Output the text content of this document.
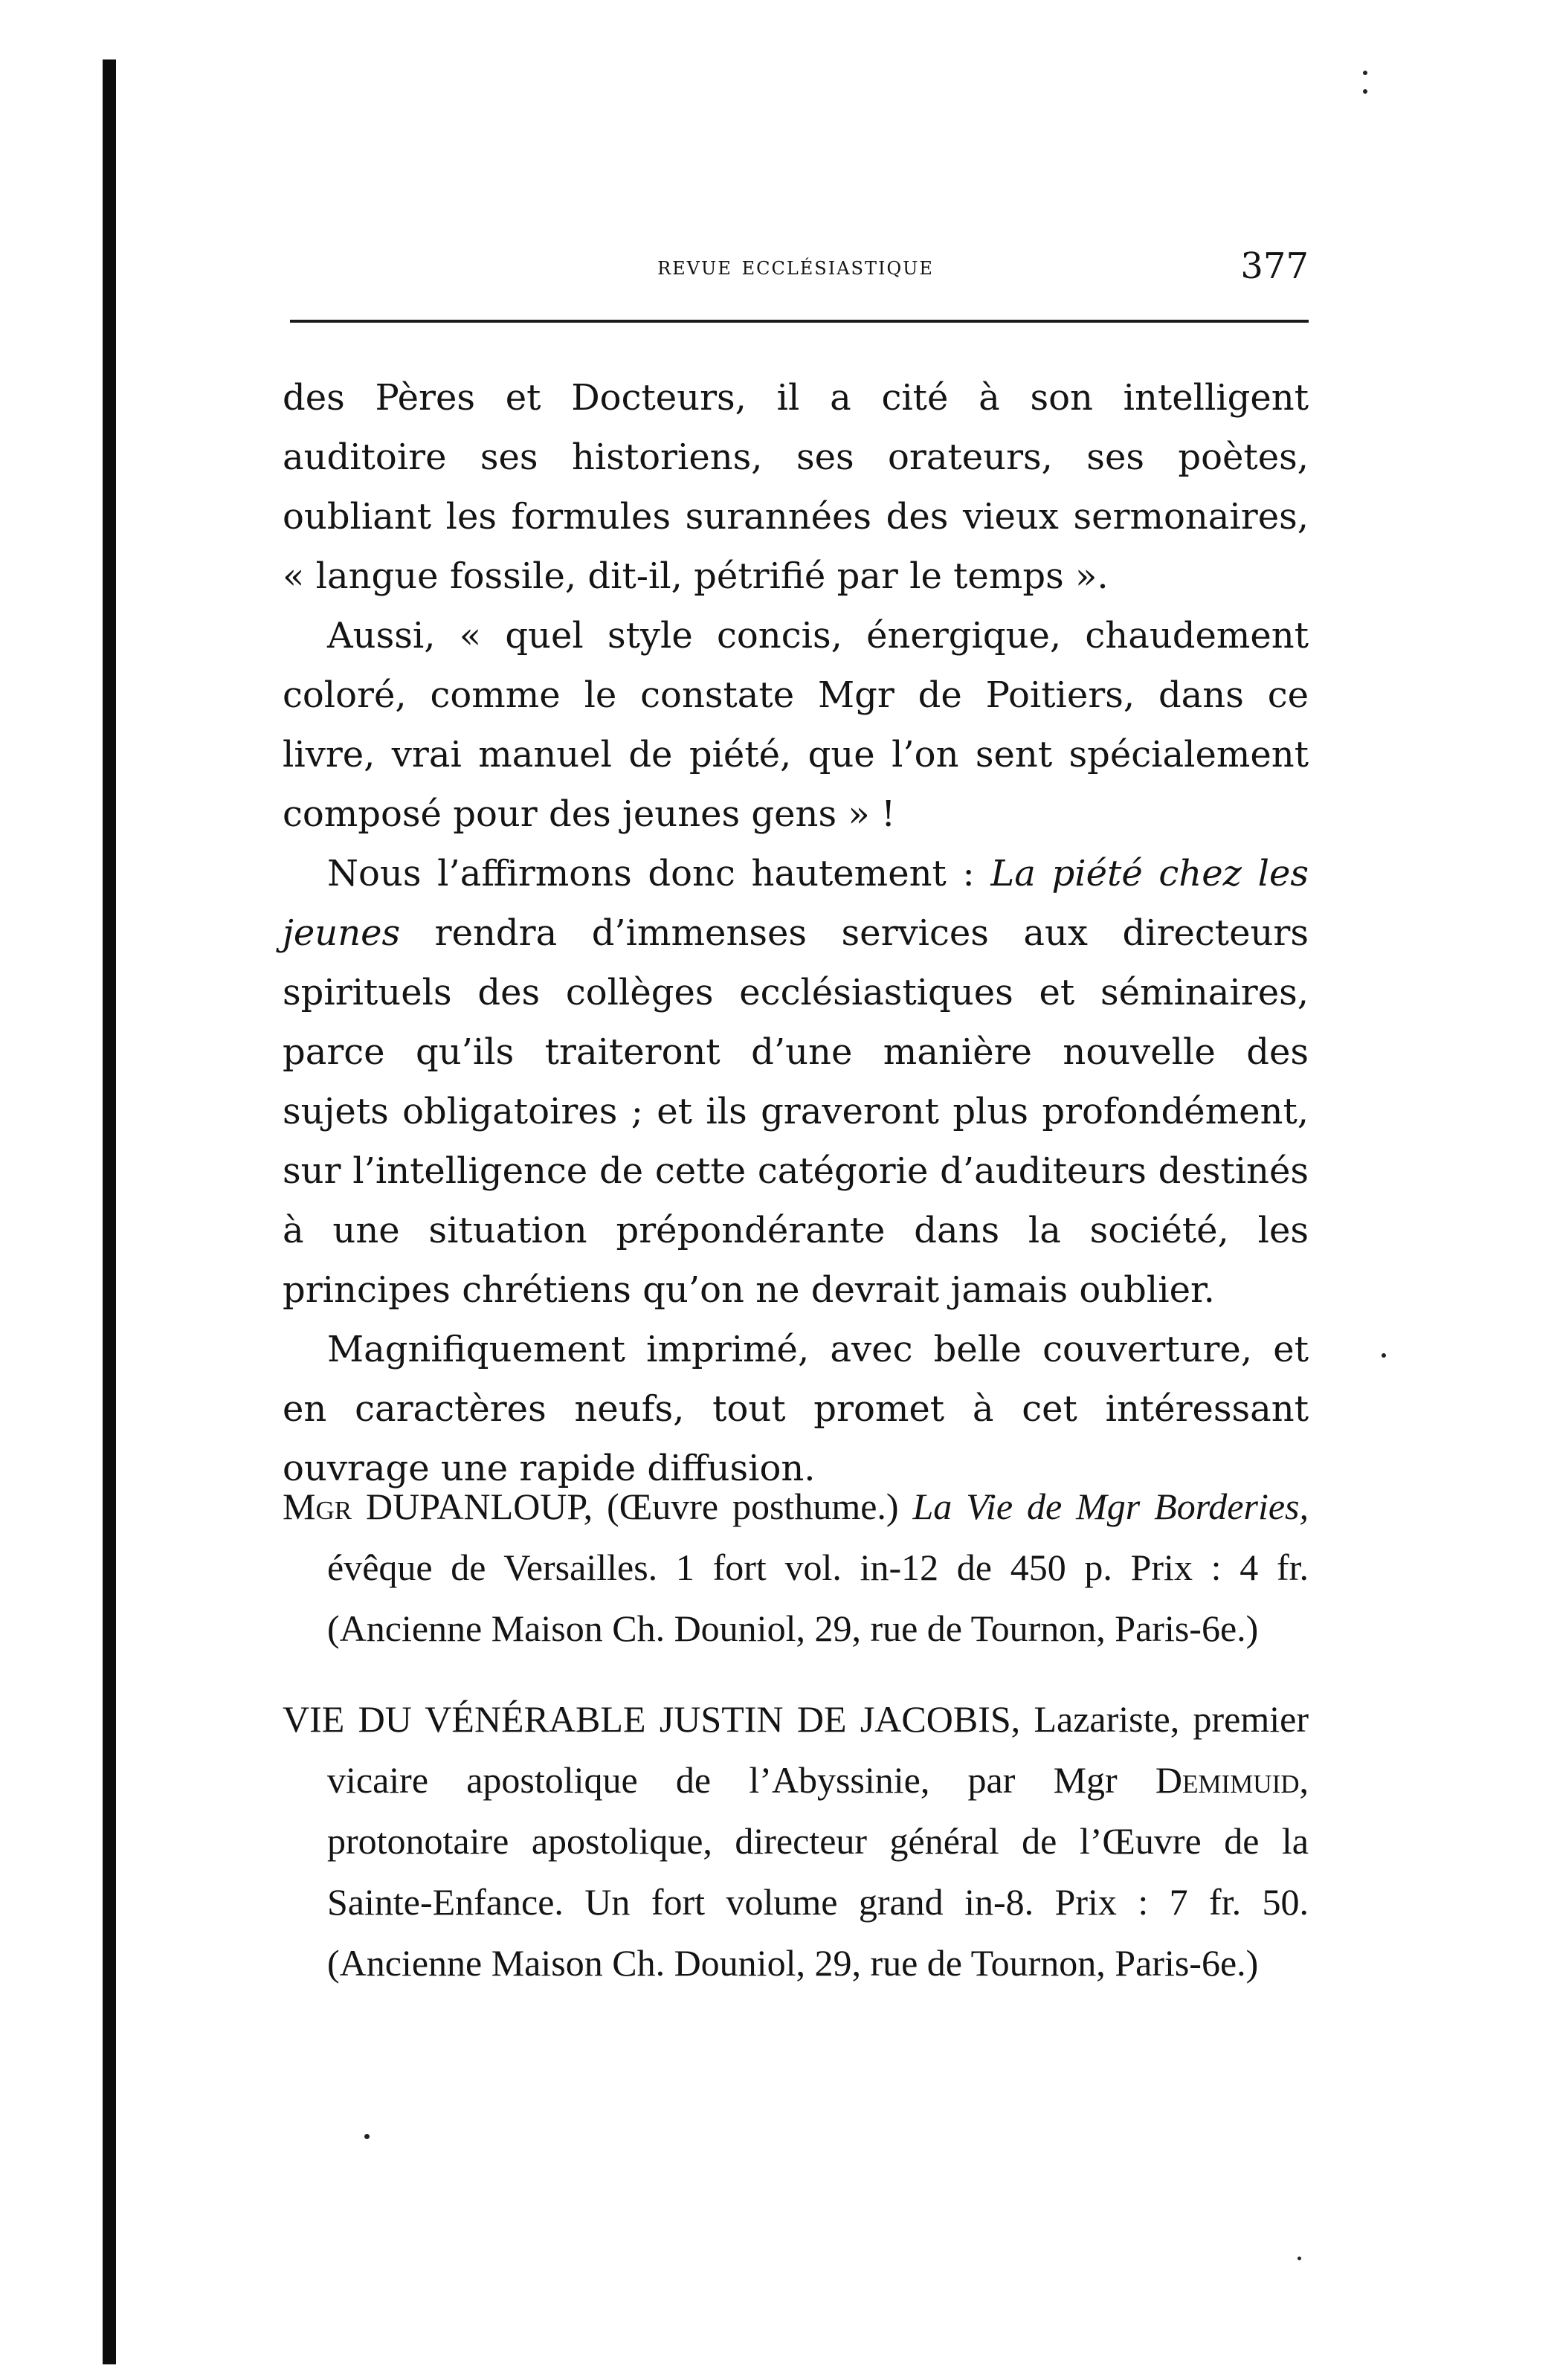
revue ecclésiastique	377

des Pères et Docteurs, il a cité à son intelligent auditoire ses historiens, ses orateurs, ses poètes, oubliant les formules surannées des vieux sermonaires, « langue fossile, dit-il, pétrifié par le temps ».

Aussi, « quel style concis, énergique, chaudement coloré, comme le constate Mgr de Poitiers, dans ce livre, vrai manuel de piété, que l’on sent spécialement composé pour des jeunes gens » !

Nous l’affirmons donc hautement : La piété chez les jeunes rendra d’immenses services aux directeurs spirituels des collèges ecclésiastiques et séminaires, parce qu’ils traiteront d’une manière nouvelle des sujets obligatoires ; et ils graveront plus profondément, sur l’intelligence de cette catégorie d’auditeurs destinés à une situation prépondérante dans la société, les principes chrétiens qu’on ne devrait jamais oublier.

Magnifiquement imprimé, avec belle couverture, et en caractères neufs, tout promet à cet intéressant ouvrage une rapide diffusion.

Mgr DUPANLOUP, (Œuvre posthume.) La Vie de Mgr Borderies, évêque de Versailles. 1 fort vol. in-12 de 450 p. Prix : 4 fr. (Ancienne Maison Ch. Douniol, 29, rue de Tournon, Paris-6e.)

VIE DU VÉNÉRABLE JUSTIN DE JACOBIS, Lazariste, premier vicaire apostolique de l’Abyssinie, par Mgr Demimuid, protonotaire apostolique, directeur général de l’Œuvre de la Sainte-Enfance. Un fort volume grand in-8. Prix : 7 fr. 50. (Ancienne Maison Ch. Douniol, 29, rue de Tournon, Paris-6e.)
